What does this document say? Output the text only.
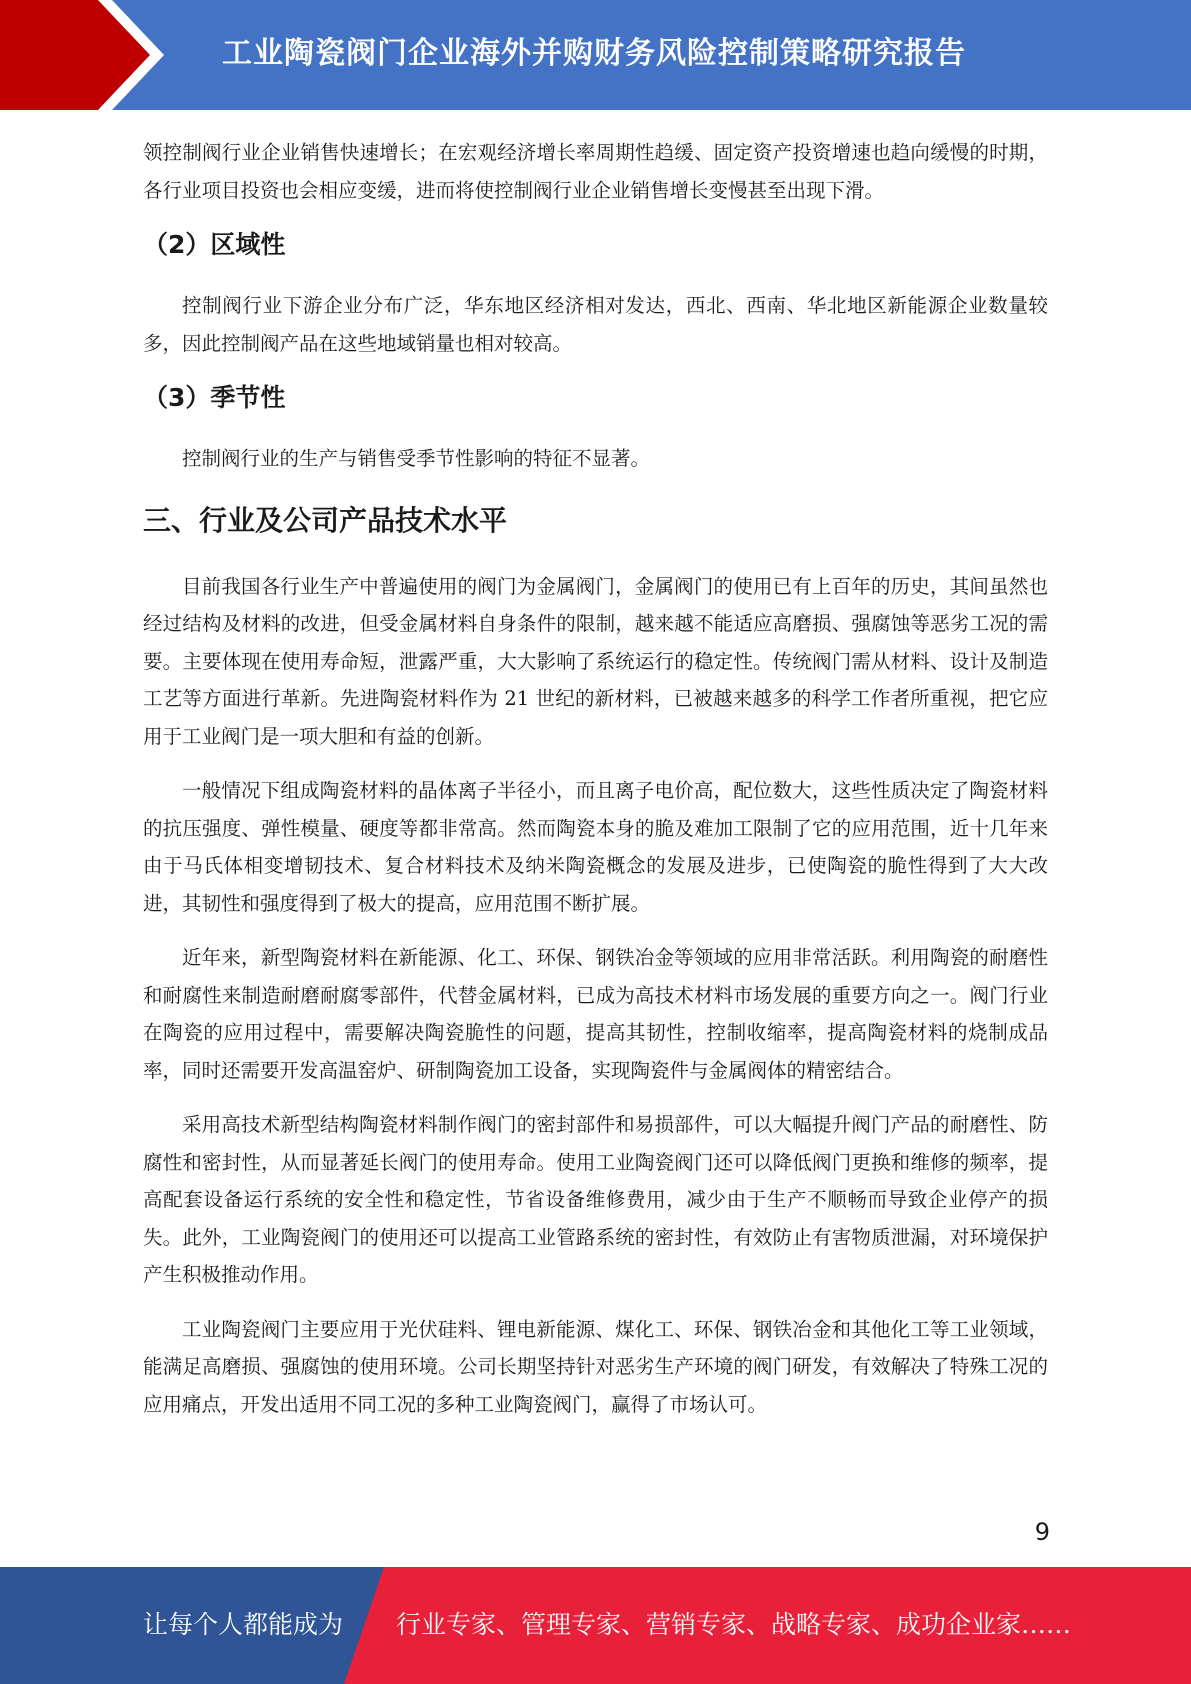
工业陶瓷阀门企业海外并购财务风险控制策略研究报告

领控制阀行业企业销售快速增长；在宏观经济增长率周期性趋缓、固定资产投资增速也趋向缓慢的时期，各行业项目投资也会相应变缓，进而将使控制阀行业企业销售增长变慢甚至出现下滑。

（2）区域性

控制阀行业下游企业分布广泛，华东地区经济相对发达，西北、西南、华北地区新能源企业数量较多，因此控制阀产品在这些地域销量也相对较高。

（3）季节性

控制阀行业的生产与销售受季节性影响的特征不显著。

三、行业及公司产品技术水平

目前我国各行业生产中普遍使用的阀门为金属阀门，金属阀门的使用已有上百年的历史，其间虽然也经过结构及材料的改进，但受金属材料自身条件的限制，越来越不能适应高磨损、强腐蚀等恶劣工况的需要。主要体现在使用寿命短，泄露严重，大大影响了系统运行的稳定性。传统阀门需从材料、设计及制造工艺等方面进行革新。先进陶瓷材料作为 21 世纪的新材料，已被越来越多的科学工作者所重视，把它应用于工业阀门是一项大胆和有益的创新。

一般情况下组成陶瓷材料的晶体离子半径小，而且离子电价高，配位数大，这些性质决定了陶瓷材料的抗压强度、弹性模量、硬度等都非常高。然而陶瓷本身的脆及难加工限制了它的应用范围，近十几年来由于马氏体相变增韧技术、复合材料技术及纳米陶瓷概念的发展及进步，已使陶瓷的脆性得到了大大改进，其韧性和强度得到了极大的提高，应用范围不断扩展。

近年来，新型陶瓷材料在新能源、化工、环保、钢铁冶金等领域的应用非常活跃。利用陶瓷的耐磨性和耐腐性来制造耐磨耐腐零部件，代替金属材料，已成为高技术材料市场发展的重要方向之一。阀门行业在陶瓷的应用过程中，需要解决陶瓷脆性的问题，提高其韧性，控制收缩率，提高陶瓷材料的烧制成品率，同时还需要开发高温窑炉、研制陶瓷加工设备，实现陶瓷件与金属阀体的精密结合。

采用高技术新型结构陶瓷材料制作阀门的密封部件和易损部件，可以大幅提升阀门产品的耐磨性、防腐性和密封性，从而显著延长阀门的使用寿命。使用工业陶瓷阀门还可以降低阀门更换和维修的频率，提高配套设备运行系统的安全性和稳定性，节省设备维修费用，减少由于生产不顺畅而导致企业停产的损失。此外，工业陶瓷阀门的使用还可以提高工业管路系统的密封性，有效防止有害物质泄漏，对环境保护产生积极推动作用。

工业陶瓷阀门主要应用于光伏硅料、锂电新能源、煤化工、环保、钢铁冶金和其他化工等工业领域，能满足高磨损、强腐蚀的使用环境。公司长期坚持针对恶劣生产环境的阀门研发，有效解决了特殊工况的应用痛点，开发出适用不同工况的多种工业陶瓷阀门，赢得了市场认可。

9
让每个人都能成为 行业专家、管理专家、营销专家、战略专家、成功企业家……
